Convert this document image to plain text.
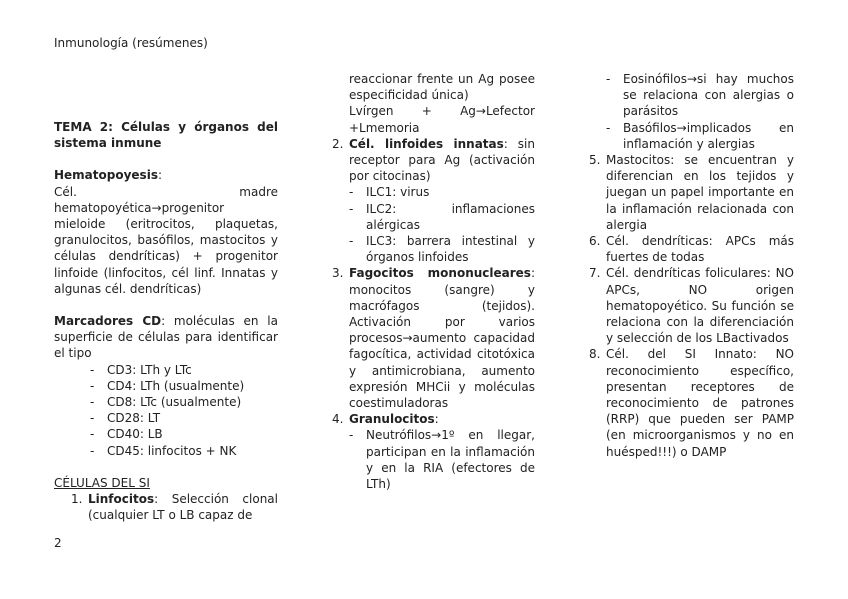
Inmunología (resúmenes)

TEMA 2: Células y órganos del sistema inmune

Hematopoyesis:

Cél. madre hematopoyética→progenitor mieloide (eritrocitos, plaquetas, granulocitos, basófilos, mastocitos y células dendríticas) + progenitor linfoide (linfocitos, cél linf. Innatas y algunas cél. dendríticas)

Marcadores CD: moléculas en la superficie de células para identificar el tipo

- CD3: LTh y LTc
- CD4: LTh (usualmente)
- CD8: LTc (usualmente)
- CD28: LT
- CD40: LB
- CD45: linfocitos + NK

CÉLULAS DEL SI

1. Linfocitos: Selección clonal (cualquier LT o LB capaz de

reaccionar frente un Ag posee especificidad única)

Lvírgen + Ag→Lefector +Lmemoria

2. Cél. linfoides innatas: sin receptor para Ag (activación por citocinas)
- ILC1: virus
- ILC2: inflamaciones alérgicas
- ILC3: barrera intestinal y órganos linfoides
3. Fagocitos mononucleares: monocitos (sangre) y macrófagos (tejidos). Activación por varios procesos→aumento capacidad fagocítica, actividad citotóxica y antimicrobiana, aumento expresión MHCii y moléculas coestimuladoras
4. Granulocitos:
- Neutrófilos→1º en llegar, participan en la inflamación y en la RIA (efectores de LTh)
- Eosinófilos→si hay muchos se relaciona con alergias o parásitos
- Basófilos→implicados en inflamación y alergias
5. Mastocitos: se encuentran y diferencian en los tejidos y juegan un papel importante en la inflamación relacionada con alergia
6. Cél. dendríticas: APCs más fuertes de todas
7. Cél. dendríticas foliculares: NO APCs, NO origen hematopoyético. Su función se relaciona con la diferenciación y selección de los LBactivados
8. Cél. del SI Innato: NO reconocimiento específico, presentan receptores de reconocimiento de patrones (RRP) que pueden ser PAMP (en microorganismos y no en huésped!!!) o DAMP
2
